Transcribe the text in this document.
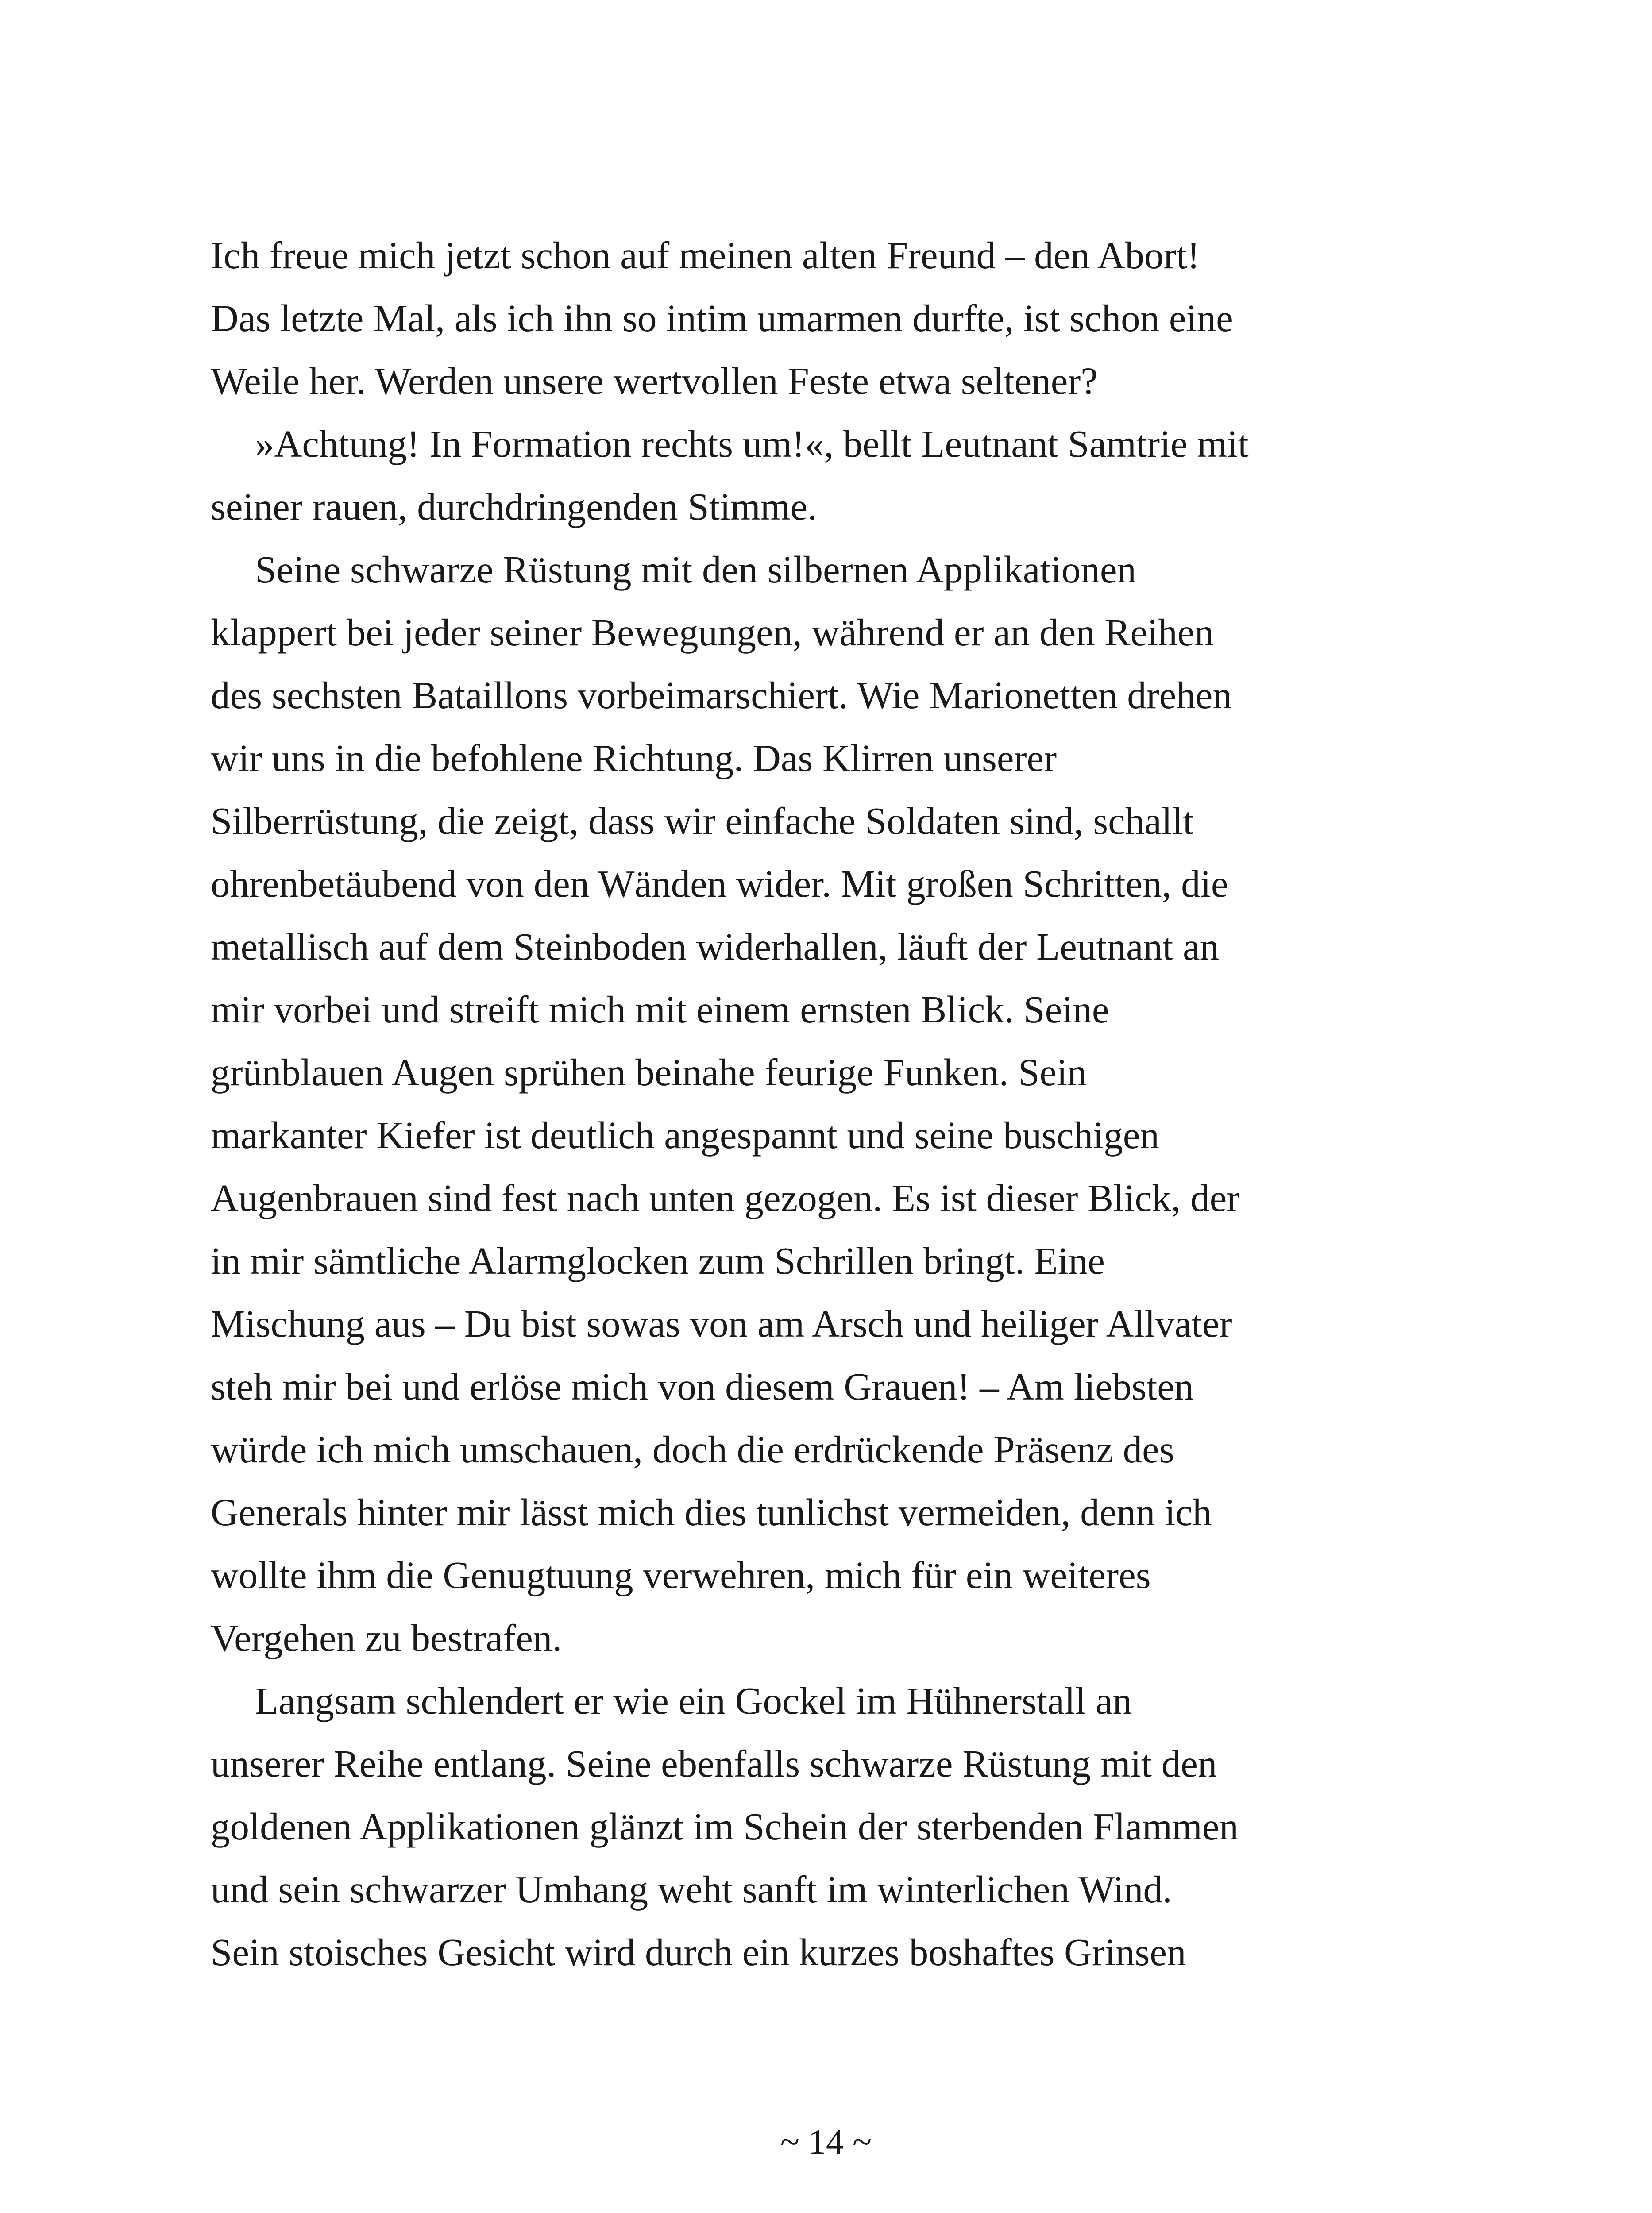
Ich freue mich jetzt schon auf meinen alten Freund – den Abort!
Das letzte Mal, als ich ihn so intim umarmen durfte, ist schon eine
Weile her. Werden unsere wertvollen Feste etwa seltener?

»Achtung! In Formation rechts um!«, bellt Leutnant Samtrie mit
seiner rauen, durchdringenden Stimme.

Seine schwarze Rüstung mit den silbernen Applikationen
klappert bei jeder seiner Bewegungen, während er an den Reihen
des sechsten Bataillons vorbeimarschiert. Wie Marionetten drehen
wir uns in die befohlene Richtung. Das Klirren unserer
Silberrüstung, die zeigt, dass wir einfache Soldaten sind, schallt
ohrenbetäubend von den Wänden wider. Mit großen Schritten, die
metallisch auf dem Steinboden widerhallen, läuft der Leutnant an
mir vorbei und streift mich mit einem ernsten Blick. Seine
grünblauen Augen sprühen beinahe feurige Funken. Sein
markanter Kiefer ist deutlich angespannt und seine buschigen
Augenbrauen sind fest nach unten gezogen. Es ist dieser Blick, der
in mir sämtliche Alarmglocken zum Schrillen bringt. Eine
Mischung aus – Du bist sowas von am Arsch und heiliger Allvater
steh mir bei und erlöse mich von diesem Grauen! – Am liebsten
würde ich mich umschauen, doch die erdrückende Präsenz des
Generals hinter mir lässt mich dies tunlichst vermeiden, denn ich
wollte ihm die Genugtuung verwehren, mich für ein weiteres
Vergehen zu bestrafen.

Langsam schlendert er wie ein Gockel im Hühnerstall an
unserer Reihe entlang. Seine ebenfalls schwarze Rüstung mit den
goldenen Applikationen glänzt im Schein der sterbenden Flammen
und sein schwarzer Umhang weht sanft im winterlichen Wind.
Sein stoisches Gesicht wird durch ein kurzes boshaftes Grinsen

~ 14 ~
